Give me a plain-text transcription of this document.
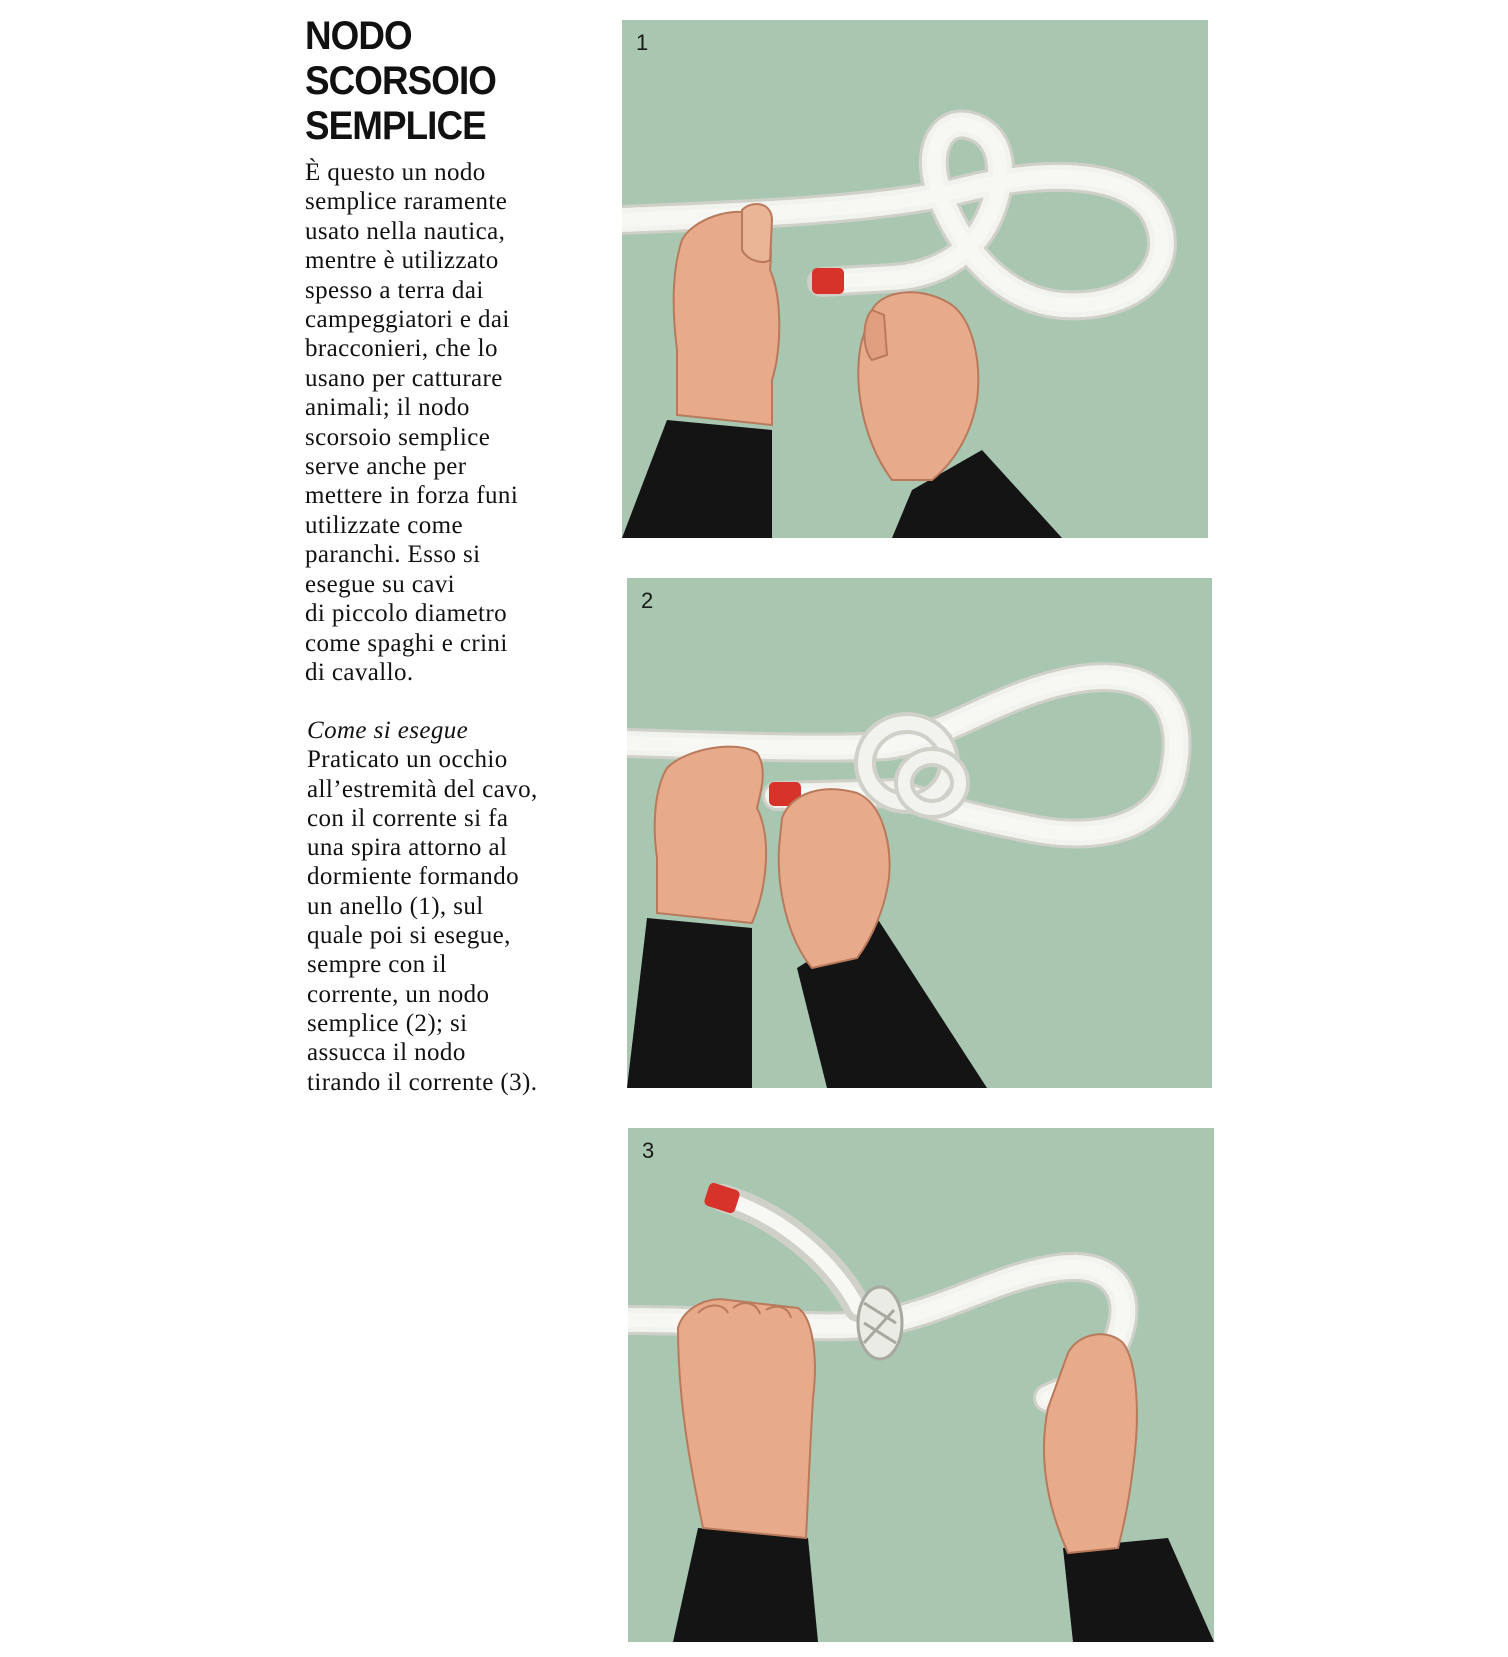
NODO
SCORSOIO
SEMPLICE

È questo un nodo
semplice raramente
usato nella nautica,
mentre è utilizzato
spesso a terra dai
campeggiatori e dai
bracconieri, che lo
usano per catturare
animali; il nodo
scorsoio semplice
serve anche per
mettere in forza funi
utilizzate come
paranchi. Esso si
esegue su cavi
di piccolo diametro
come spaghi e crini
di cavallo.

Come si esegue
Praticato un occhio
all’estremità del cavo,
con il corrente si fa
una spira attorno al
dormiente formando
un anello (1), sul
quale poi si esegue,
sempre con il
corrente, un nodo
semplice (2); si
assucca il nodo
tirando il corrente (3).

1
2
3
